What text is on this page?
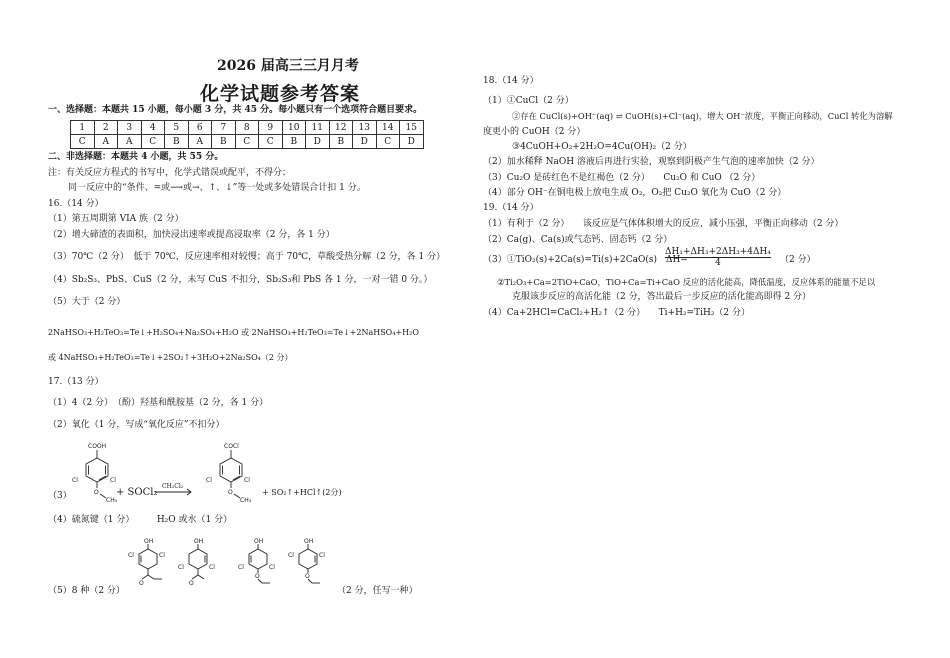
2026 届高三三月月考
化学试题参考答案
一、选择题：本题共 15 小题，每小题 3 分，共 45 分。每小题只有一个选项符合题目要求。
1	2	3	4	5	6	7	8	9	10	11	12	13	14	15
C	A	A	C	B	A	B	C	C	B	D	B	D	C	D
二、非选择题：本题共 4 小题，共 55 分。
注：有关反应方程式的书写中，化学式错误或配平，不得分；
同一反应中的“条件、=或⟶或→、↑、↓”等一处或多处错误合计扣 1 分。
16.（14 分）
（1）第五周期第 VIA 族（2 分）
（2）增大碲渣的表面积，加快浸出速率或提高浸取率（2 分，各 1 分）
（3）70℃（2 分）　低于 70℃，反应速率相对较慢；高于 70℃，草酸受热分解（2 分，各 1 分）
（4）Sb₂S₃、PbS、CuS（2 分，未写 CuS 不扣分，Sb₂S₃和 PbS 各 1 分，一对一错 0 分。）
（5）大于（2 分）
2NaHSO₃+H₂TeO₃=Te↓+H₂SO₄+Na₂SO₄+H₂O 或 2NaHSO₃+H₂TeO₃=Te↓+2NaHSO₄+H₂O
或 4NaHSO₃+H₂TeO₃=Te↓+2SO₂↑+3H₂O+2Na₂SO₄（2 分）
17.（13 分）
（1）4（2 分）　（酚）羟基和酰胺基（2 分，各 1 分）
（2）氧化（1 分，写成“氧化反应”不扣分）
（3）
COOH
Cl	Cl
O
CH₃
+ SOCl₂
CH₂Cl₂
COCl
Cl	Cl
O
CH₃
+ SO₂↑+HCl↑(2分)
（4）硫氮键（1 分）　　　H₂O 或水（1 分）
OH
Cl	Cl
O
OH
Cl	Cl
O
OH
Cl	Cl
O
OH
Cl	Cl
O
（5）8 种（2 分）	（2 分，任写一种）
18.（14 分）
（1）①CuCl（2 分）
②存在 CuCl(s)+OH⁻(aq) ⇌ CuOH(s)+Cl⁻(aq)，增大 OH⁻浓度，平衡正向移动，CuCl 转化为溶解
度更小的 CuOH（2 分）
③4CuOH+O₂+2H₂O=4Cu(OH)₂（2 分）
（2）加水稀释 NaOH 溶液后再进行实验，观察到阴极产生气泡的速率加快（2 分）
（3）Cu₂O 是砖红色不是红褐色（2 分）　　Cu₂O 和 CuO （2 分）
（4）部分 OH⁻在铜电极上放电生成 O₂，O₂把 Cu₂O 氧化为 CuO（2 分）
19.（14 分）
（1）有利于（2 分）　　该反应是气体体积增大的反应，减小压强，平衡正向移动（2 分）
（2）Ca(g)、Ca(s)或气态钙、固态钙（2 分）
（3）①TiO₂(s)+2Ca(s)=Ti(s)+2CaO(s)　ΔH=
$\frac{\text{ΔH₁+ΔH₃+2ΔH₃+4ΔH₄}}{4} (2$ 分）
②Ti₂O₃+Ca=2TiO+CaO，TiO+Ca=Ti+CaO 反应的活化能高，降低温度，反应体系的能量不足以
克服该步反应的高活化能（2 分，答出最后一步反应的活化能高即得 2 分）
（4）Ca+2HCl=CaCl₂+H₂↑（2 分）　　Ti+H₂=TiH₂（2 分）
